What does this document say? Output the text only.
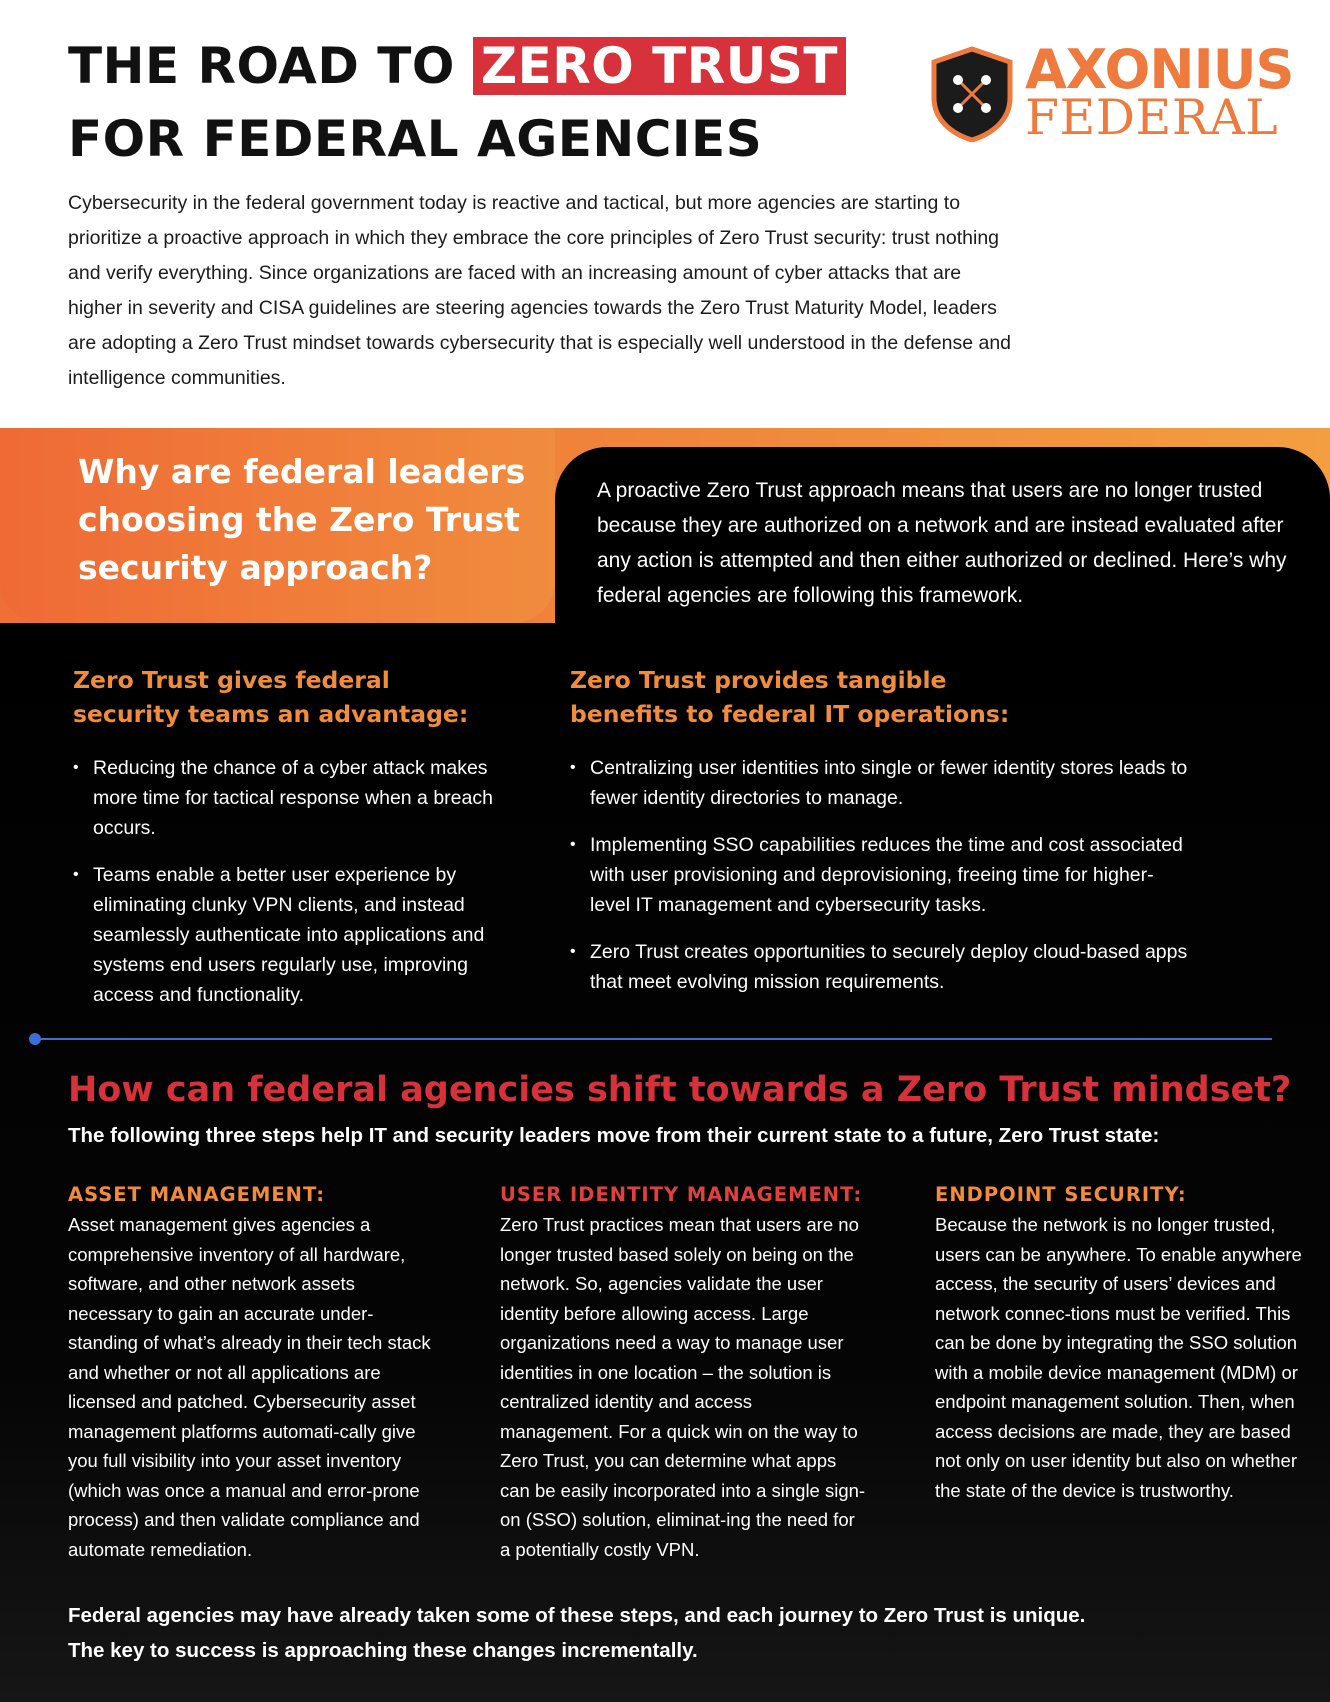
THE ROAD TO ZERO TRUST
FOR FEDERAL AGENCIES
AXONIUS
FEDERAL

Cybersecurity in the federal government today is reactive and tactical, but more agencies are starting to prioritize a proactive approach in which they embrace the core principles of Zero Trust security: trust nothing and verify everything. Since organizations are faced with an increasing amount of cyber attacks that are higher in severity and CISA guidelines are steering agencies towards the Zero Trust Maturity Model, leaders are adopting a Zero Trust mindset towards cybersecurity that is especially well understood in the defense and intelligence communities.

Why are federal leaders choosing the Zero Trust security approach?

A proactive Zero Trust approach means that users are no longer trusted because they are authorized on a network and are instead evaluated after any action is attempted and then either authorized or declined. Here’s why federal agencies are following this framework.

Zero Trust gives federal
security teams an advantage:
• Reducing the chance of a cyber attack makes more time for tactical response when a breach occurs.
• Teams enable a better user experience by eliminating clunky VPN clients, and instead seamlessly authenticate into applications and systems end users regularly use, improving access and functionality.
Zero Trust provides tangible
benefits to federal IT operations:
• Centralizing user identities into single or fewer identity stores leads to fewer identity directories to manage.
• Implementing SSO capabilities reduces the time and cost associated with user provisioning and deprovisioning, freeing time for higher-level IT management and cybersecurity tasks.
• Zero Trust creates opportunities to securely deploy cloud-based apps that meet evolving mission requirements.
How can federal agencies shift towards a Zero Trust mindset?

The following three steps help IT and security leaders move from their current state to a future, Zero Trust state:

ASSET MANAGEMENT:

Asset management gives agencies a comprehensive inventory of all hardware, software, and other network assets necessary to gain an accurate under-standing of what’s already in their tech stack and whether or not all applications are licensed and patched. Cybersecurity asset management platforms automati-cally give you full visibility into your asset inventory (which was once a manual and error-prone process) and then validate compliance and automate remediation.

USER IDENTITY MANAGEMENT:

Zero Trust practices mean that users are no longer trusted based solely on being on the network. So, agencies validate the user identity before allowing access. Large organizations need a way to manage user identities in one location – the solution is centralized identity and access management. For a quick win on the way to Zero Trust, you can determine what apps can be easily incorporated into a single sign-on (SSO) solution, eliminat-ing the need for a potentially costly VPN.

ENDPOINT SECURITY:

Because the network is no longer trusted, users can be anywhere. To enable anywhere access, the security of users’ devices and network connec-tions must be verified. This can be done by integrating the SSO solution with a mobile device management (MDM) or endpoint management solution. Then, when access decisions are made, they are based not only on user identity but also on whether the state of the device is trustworthy.

Federal agencies may have already taken some of these steps, and each journey to Zero Trust is unique.
The key to success is approaching these changes incrementally.
